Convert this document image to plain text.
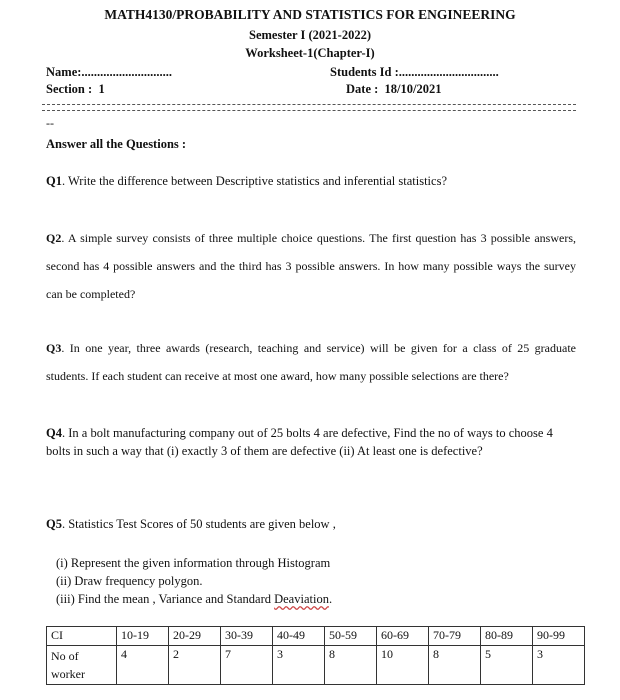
MATH4130/PROBABILITY AND STATISTICS FOR ENGINEERING
Semester I (2021-2022)
Worksheet-1(Chapter-I)
Name:.............................	Students Id :................................
Section : 1	Date : 18/10/2021
--
Answer all the Questions :
Q1. Write the difference between Descriptive statistics and inferential statistics?
Q2. A simple survey consists of three multiple choice questions. The first question has 3 possible answers, second has 4 possible answers and the third has 3 possible answers. In how many possible ways the survey can be completed?
Q3. In one year, three awards (research, teaching and service) will be given for a class of 25 graduate students. If each student can receive at most one award, how many possible selections are there?
Q4. In a bolt manufacturing company out of 25 bolts 4 are defective, Find the no of ways to choose 4 bolts in such a way that (i) exactly 3 of them are defective (ii) At least one is defective?
Q5. Statistics Test Scores of 50 students are given below ,
(i) Represent the given information through Histogram
(ii) Draw frequency polygon.
(iii) Find the mean , Variance and Standard Deaviation.
CI	10-19	20-29	30-39	40-49	50-59	60-69	70-79	80-89	90-99
No of worker	4	2	7	3	8	10	8	5	3
